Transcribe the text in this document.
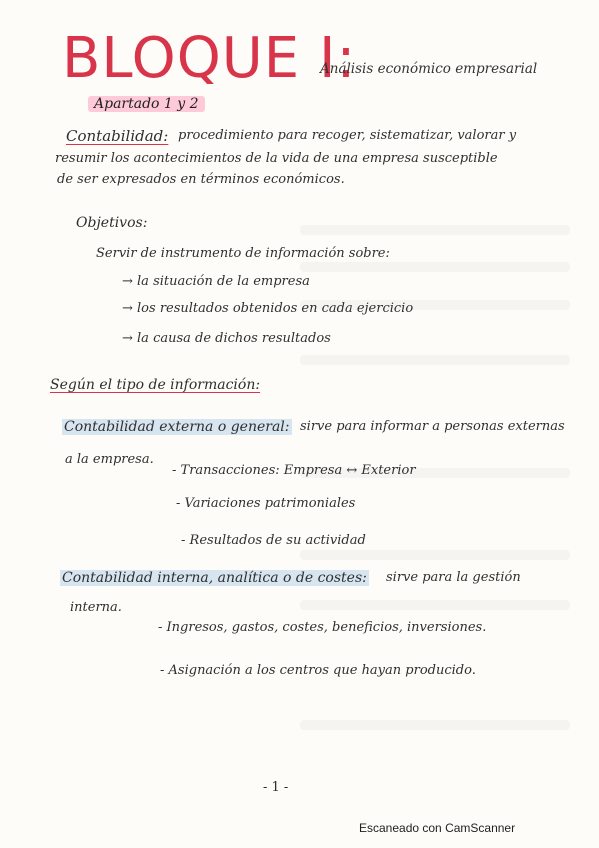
BLOQUE I:
Análisis económico empresarial
Apartado 1 y 2
Contabilidad: procedimiento para recoger, sistematizar, valorar y
resumir los acontecimientos de la vida de una empresa susceptible
de ser expresados en términos económicos.
Objetivos:
Servir de instrumento de información sobre:
→ la situación de la empresa
→ los resultados obtenidos en cada ejercicio
→ la causa de dichos resultados
Según el tipo de información:
Contabilidad externa o general: sirve para informar a personas externas
a la empresa.
- Transacciones: Empresa ↔ Exterior
- Variaciones patrimoniales
- Resultados de su actividad
Contabilidad interna, analítica o de costes: sirve para la gestión
interna.
- Ingresos, gastos, costes, beneficios, inversiones.
- Asignación a los centros que hayan producido.
- 1 -
Escaneado con CamScanner
